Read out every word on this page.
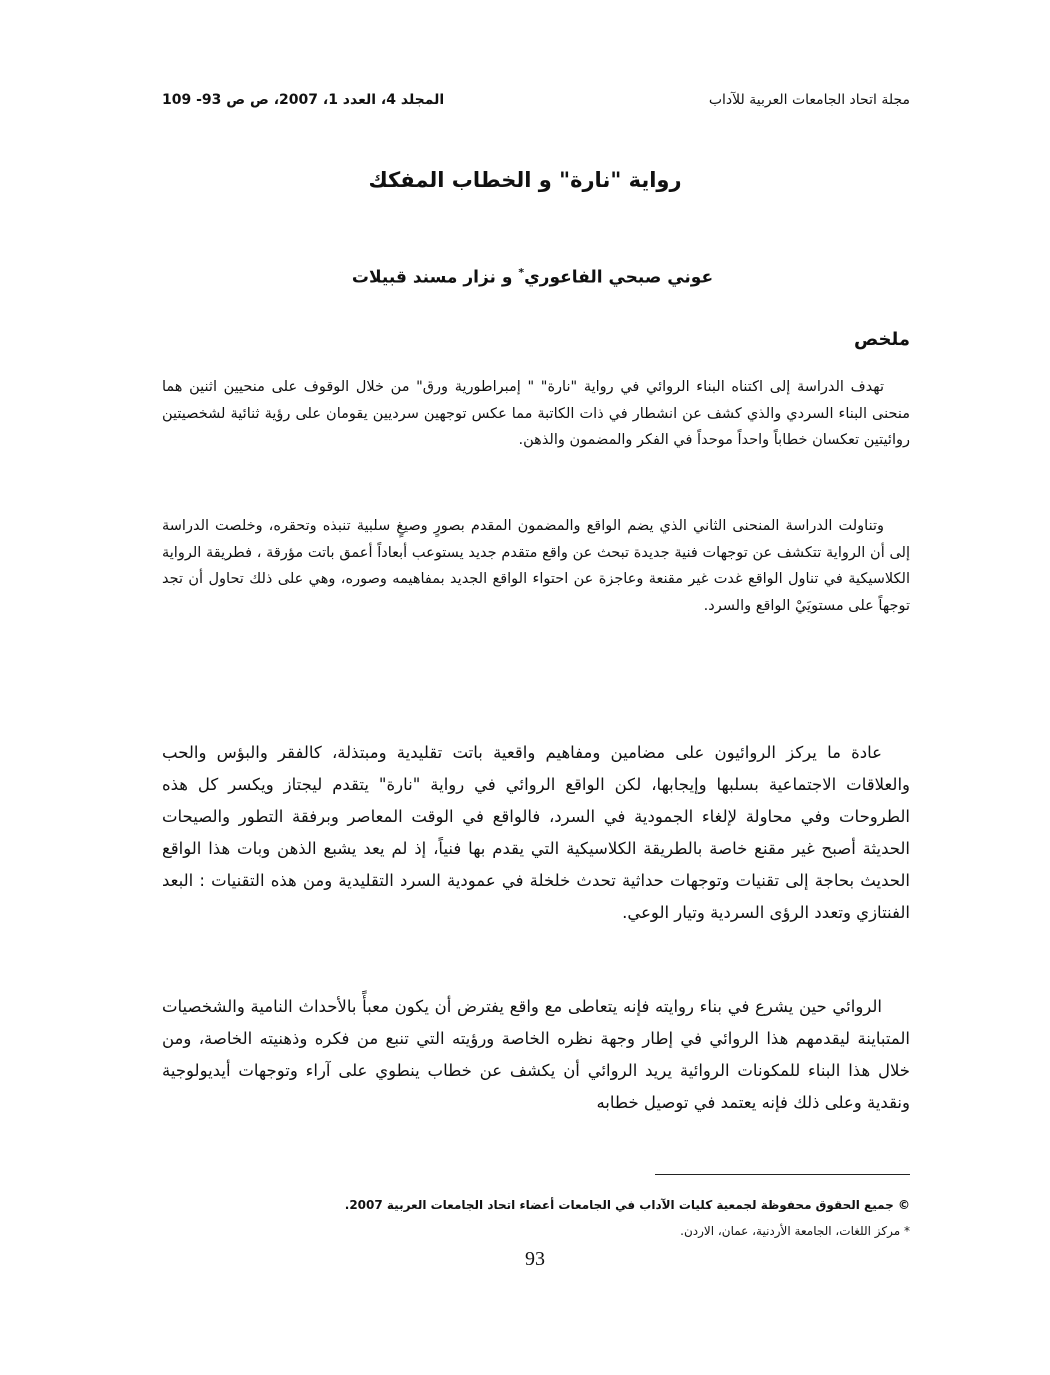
مجلة اتحاد الجامعات العربية للآداب
المجلد 4، العدد 1، 2007، ص ص 93- 109
رواية "نارة" و الخطاب المفكك
عوني صبحي الفاعوري* و نزار مسند قبيلات
ملخص

تهدف الدراسة إلى اكتناه البناء الروائي في رواية "نارة" " إمبراطورية ورق" من خلال الوقوف على منحيين اثنين هما منحنى البناء السردي والذي كشف عن انشطار في ذات الكاتبة مما عكس توجهين سرديين يقومان على رؤية ثنائية لشخصيتين روائيتين تعكسان خطاباً واحداً موحداً في الفكر والمضمون والذهن.

وتناولت الدراسة المنحنى الثاني الذي يضم الواقع والمضمون المقدم بصورٍ وصيغٍ سلبية تنبذه وتحقره، وخلصت الدراسة إلى أن الرواية تتكشف عن توجهات فنية جديدة تبحث عن واقع متقدم جديد يستوعب أبعاداً أعمق باتت مؤرقة ، فطريقة الرواية الكلاسيكية في تناول الواقع غدت غير مقنعة وعاجزة عن احتواء الواقع الجديد بمفاهيمه وصوره، وهي على ذلك تحاول أن تجد توجهاً على مستويَيْ الواقع والسرد.

عادة ما يركز الروائيون على مضامين ومفاهيم واقعية باتت تقليدية ومبتذلة، كالفقر والبؤس والحب والعلاقات الاجتماعية بسلبها وإيجابها، لكن الواقع الروائي في رواية "نارة" يتقدم ليجتاز ويكسر كل هذه الطروحات وفي محاولة لإلغاء الجمودية في السرد، فالواقع في الوقت المعاصر وبرفقة التطور والصيحات الحديثة أصبح غير مقنع خاصة بالطريقة الكلاسيكية التي يقدم بها فنياً، إذ لم يعد يشبع الذهن وبات هذا الواقع الحديث بحاجة إلى تقنيات وتوجهات حداثية تحدث خلخلة في عمودية السرد التقليدية ومن هذه التقنيات : البعد الفنتازي وتعدد الرؤى السردية وتيار الوعي.

الروائي حين يشرع في بناء روايته فإنه يتعاطى مع واقع يفترض أن يكون معبأً بالأحداث النامية والشخصيات المتباينة ليقدمهم هذا الروائي في إطار وجهة نظره الخاصة ورؤيته التي تنبع من فكره وذهنيته الخاصة، ومن خلال هذا البناء للمكونات الروائية يريد الروائي أن يكشف عن خطاب ينطوي على آراء وتوجهات أيديولوجية ونقدية وعلى ذلك فإنه يعتمد في توصيل خطابه

© جميع الحقوق محفوظة لجمعية كليات الآداب في الجامعات أعضاء اتحاد الجامعات العربية 2007.
* مركز اللغات، الجامعة الأردنية، عمان، الاردن.
93
